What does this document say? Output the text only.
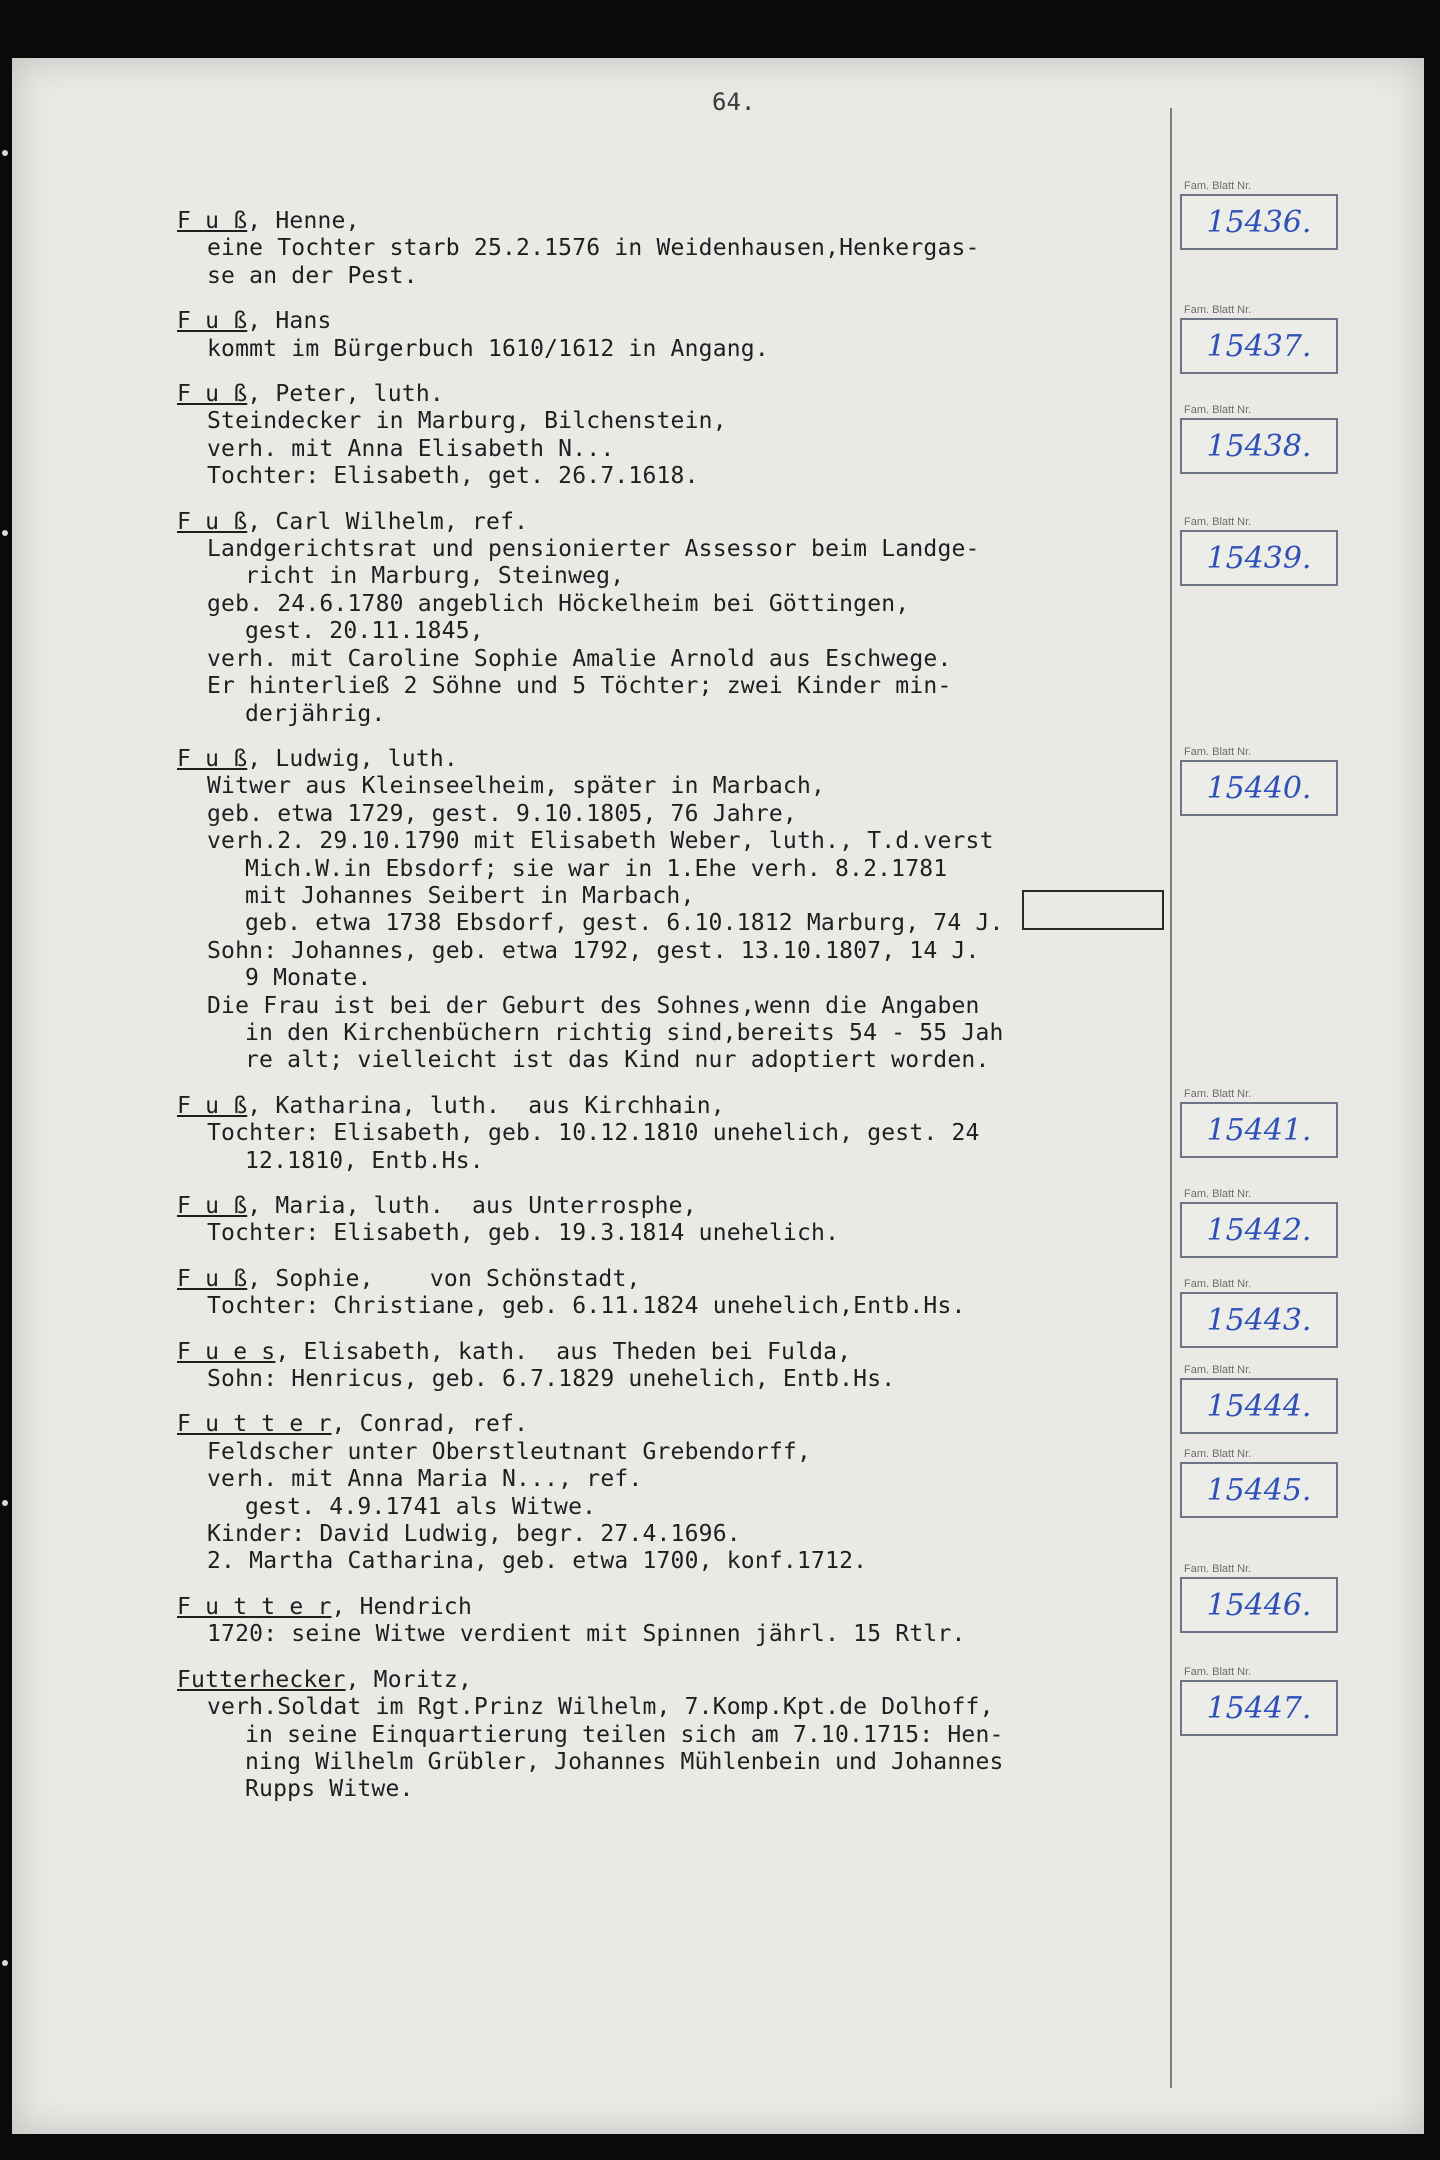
64.
F u ß, Henne,
eine Tochter starb 25.2.1576 in Weidenhausen,Henkergas-
se an der Pest.
F u ß, Hans
kommt im Bürgerbuch 1610/1612 in Angang.
F u ß, Peter, luth.
Steindecker in Marburg, Bilchenstein,
verh. mit Anna Elisabeth N...
Tochter: Elisabeth, get. 26.7.1618.
F u ß, Carl Wilhelm, ref.
Landgerichtsrat und pensionierter Assessor beim Landge-
richt in Marburg, Steinweg,
geb. 24.6.1780 angeblich Höckelheim bei Göttingen,
gest. 20.11.1845,
verh. mit Caroline Sophie Amalie Arnold aus Eschwege.
Er hinterließ 2 Söhne und 5 Töchter; zwei Kinder min-
derjährig.
F u ß, Ludwig, luth.
Witwer aus Kleinseelheim, später in Marbach,
geb. etwa 1729, gest. 9.10.1805, 76 Jahre,
verh.2. 29.10.1790 mit Elisabeth Weber, luth., T.d.verst
Mich.W.in Ebsdorf; sie war in 1.Ehe verh. 8.2.1781
mit Johannes Seibert in Marbach,
geb. etwa 1738 Ebsdorf, gest. 6.10.1812 Marburg, 74 J.
Sohn: Johannes, geb. etwa 1792, gest. 13.10.1807, 14 J.
9 Monate.
Die Frau ist bei der Geburt des Sohnes,wenn die Angaben
in den Kirchenbüchern richtig sind,bereits 54 - 55 Jah
re alt; vielleicht ist das Kind nur adoptiert worden.
F u ß, Katharina, luth.  aus Kirchhain,
Tochter: Elisabeth, geb. 10.12.1810 unehelich, gest. 24
12.1810, Entb.Hs.
F u ß, Maria, luth.  aus Unterrosphe,
Tochter: Elisabeth, geb. 19.3.1814 unehelich.
F u ß, Sophie,    von Schönstadt,
Tochter: Christiane, geb. 6.11.1824 unehelich,Entb.Hs.
F u e s, Elisabeth, kath.  aus Theden bei Fulda,
Sohn: Henricus, geb. 6.7.1829 unehelich, Entb.Hs.
F u t t e r, Conrad, ref.
Feldscher unter Oberstleutnant Grebendorff,
verh. mit Anna Maria N..., ref.
gest. 4.9.1741 als Witwe.
Kinder: David Ludwig, begr. 27.4.1696.
2. Martha Catharina, geb. etwa 1700, konf.1712.
F u t t e r, Hendrich
1720: seine Witwe verdient mit Spinnen jährl. 15 Rtlr.
Futterhecker, Moritz,
verh.Soldat im Rgt.Prinz Wilhelm, 7.Komp.Kpt.de Dolhoff,
in seine Einquartierung teilen sich am 7.10.1715: Hen-
ning Wilhelm Grübler, Johannes Mühlenbein und Johannes
Rupps Witwe.
Fam. Blatt Nr.
15436.
Fam. Blatt Nr.
15437.
Fam. Blatt Nr.
15438.
Fam. Blatt Nr.
15439.
Fam. Blatt Nr.
15440.
Fam. Blatt Nr.
15441.
Fam. Blatt Nr.
15442.
Fam. Blatt Nr.
15443.
Fam. Blatt Nr.
15444.
Fam. Blatt Nr.
15445.
Fam. Blatt Nr.
15446.
Fam. Blatt Nr.
15447.
